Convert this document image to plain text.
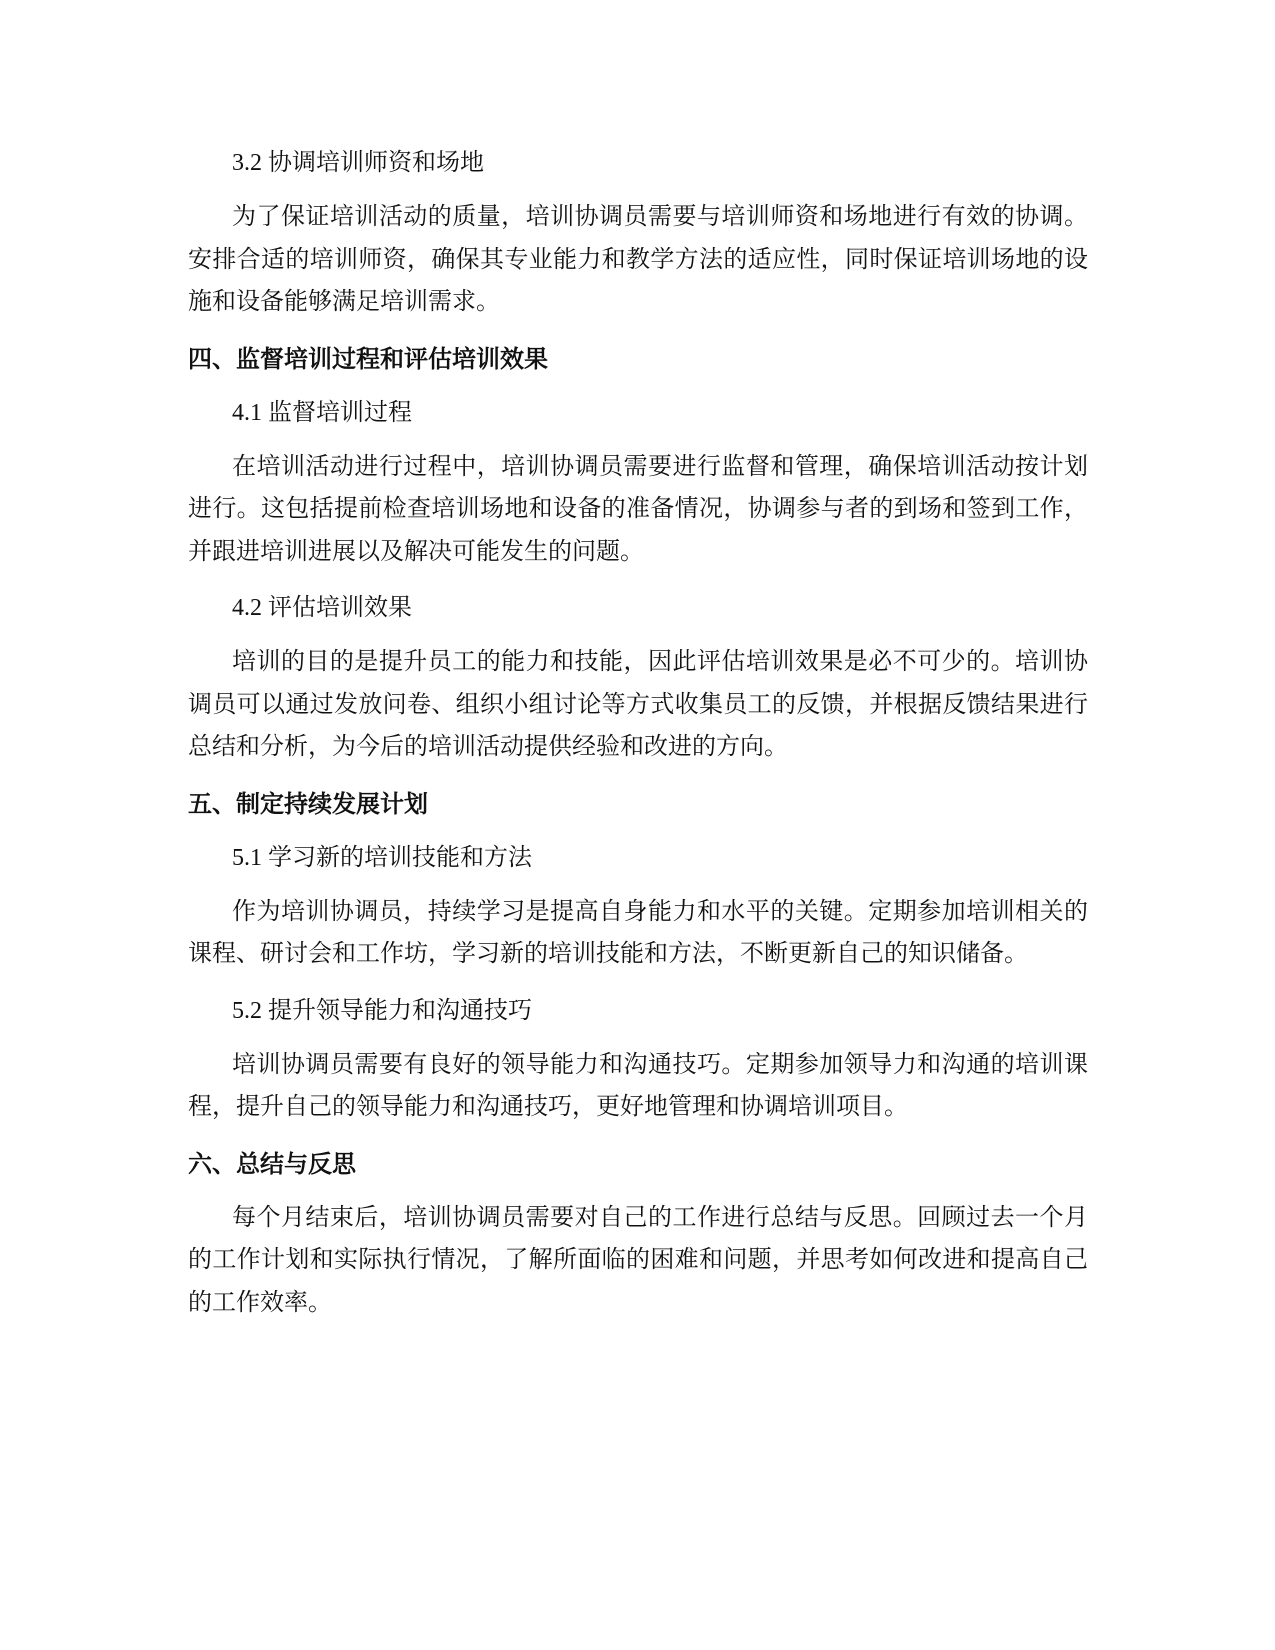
3.2 协调培训师资和场地

为了保证培训活动的质量，培训协调员需要与培训师资和场地进行有效的协调。安排合适的培训师资，确保其专业能力和教学方法的适应性，同时保证培训场地的设施和设备能够满足培训需求。

四、监督培训过程和评估培训效果

4.1 监督培训过程

在培训活动进行过程中，培训协调员需要进行监督和管理，确保培训活动按计划进行。这包括提前检查培训场地和设备的准备情况，协调参与者的到场和签到工作，并跟进培训进展以及解决可能发生的问题。

4.2 评估培训效果

培训的目的是提升员工的能力和技能，因此评估培训效果是必不可少的。培训协调员可以通过发放问卷、组织小组讨论等方式收集员工的反馈，并根据反馈结果进行总结和分析，为今后的培训活动提供经验和改进的方向。

五、制定持续发展计划

5.1 学习新的培训技能和方法

作为培训协调员，持续学习是提高自身能力和水平的关键。定期参加培训相关的课程、研讨会和工作坊，学习新的培训技能和方法，不断更新自己的知识储备。

5.2 提升领导能力和沟通技巧

培训协调员需要有良好的领导能力和沟通技巧。定期参加领导力和沟通的培训课程，提升自己的领导能力和沟通技巧，更好地管理和协调培训项目。

六、总结与反思

每个月结束后，培训协调员需要对自己的工作进行总结与反思。回顾过去一个月的工作计划和实际执行情况，了解所面临的困难和问题，并思考如何改进和提高自己的工作效率。
